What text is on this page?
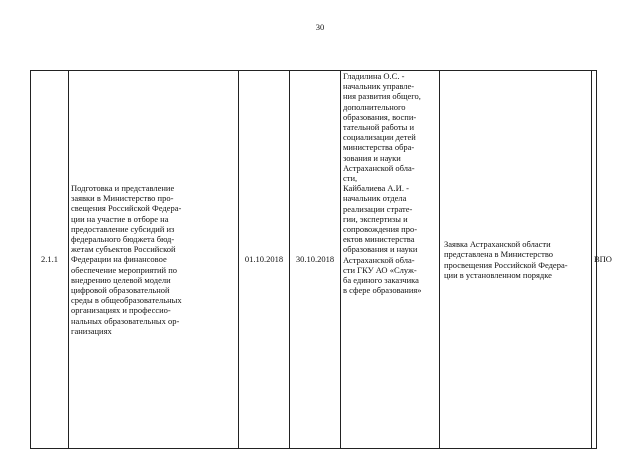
30
2.1.1
Подготовка и представление
заявки в Министерство про-
свещения Российской Федера-
ции на участие в отборе на
предоставление субсидий из
федерального бюджета бюд-
жетам субъектов Российской
Федерации на финансовое
обеспечение мероприятий по
внедрению целевой модели
цифровой образовательной
среды в общеобразовательных
организациях и профессио-
нальных образовательных ор-
ганизациях
01.10.2018 30.10.2018
Гладилина О.С. -
начальник управле-
ния развития общего,
дополнительного
образования, воспи-
тательной работы и
социализации детей
министерства обра-
зования и науки
Астраханской обла-
сти,
Кайбалиева А.И. -
начальник отдела
реализации страте-
гии, экспертизы и
сопровождения про-
ектов министерства
образования и науки
Астраханской обла-
сти ГКУ АО «Служ-
ба единого заказчика
в сфере образования»
Заявка Астраханской области
представлена в Министерство
просвещения Российской Федера-
ции в установленном порядке
ВПО
